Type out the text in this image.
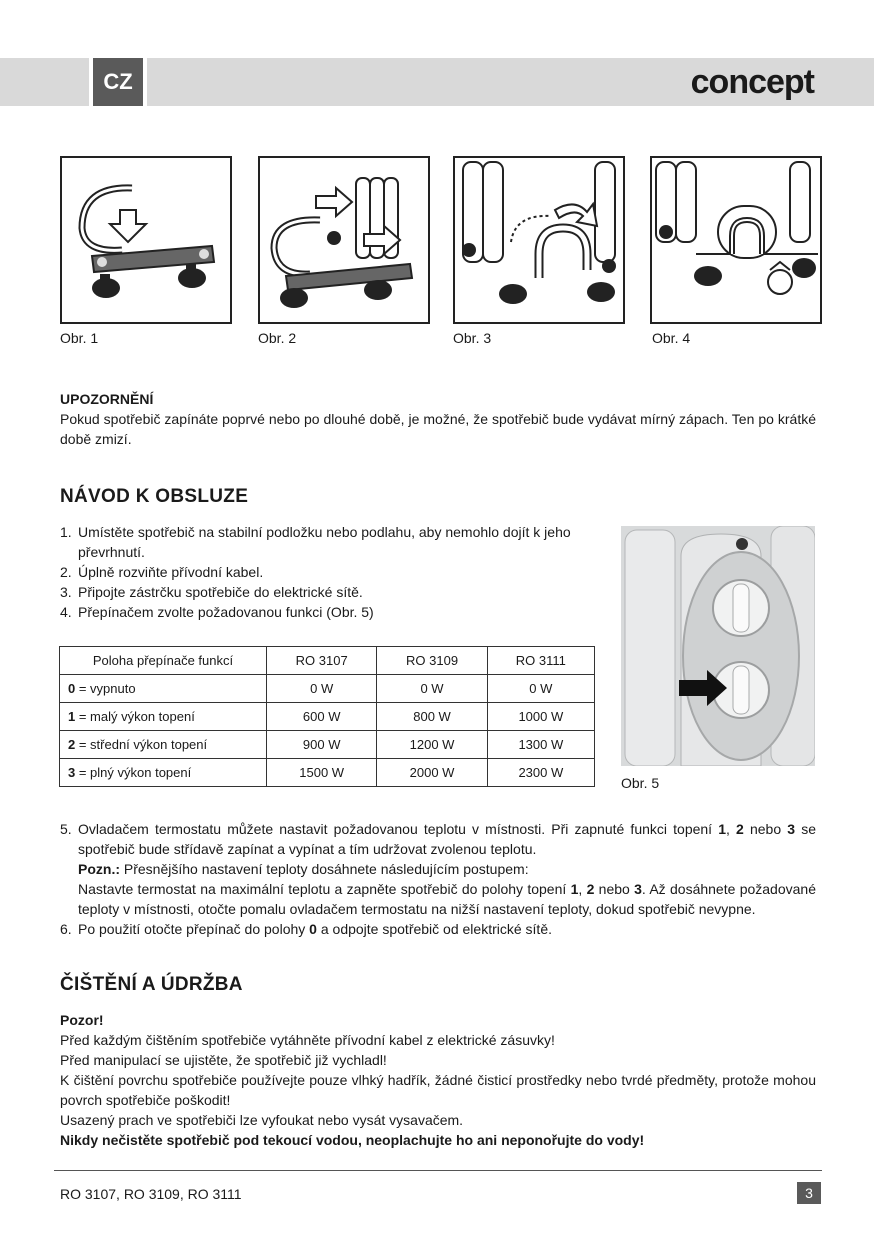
CZ	concept
Obr. 1	Obr. 2	Obr. 3	Obr. 4
UPOZORNĚNÍ
Pokud spotřebič zapínáte poprvé nebo po dlouhé době, je možné, že spotřebič bude vydávat mírný zápach. Ten po krátké době zmizí.
NÁVOD K OBSLUZE
1. Umístěte spotřebič na stabilní podložku nebo podlahu, aby nemohlo dojít k jeho převrhnutí.
2. Úplně rozviňte přívodní kabel.
3. Připojte zástrčku spotřebiče do elektrické sítě.
4. Přepínačem zvolte požadovanou funkci (Obr. 5)
Obr. 5
Poloha přepínače funkcí	RO 3107	RO 3109	RO 3111
0 = vypnuto	0 W	0 W	0 W
1 = malý výkon topení	600 W	800 W	1000 W
2 = střední výkon topení	900 W	1200 W	1300 W
3 = plný výkon topení	1500 W	2000 W	2300 W
5. Ovladačem termostatu můžete nastavit požadovanou teplotu v místnosti. Při zapnuté funkci topení 1, 2 nebo 3 se spotřebič bude střídavě zapínat a vypínat a tím udržovat zvolenou teplotu.
Pozn.: Přesnějšího nastavení teploty dosáhnete následujícím postupem:
Nastavte termostat na maximální teplotu a zapněte spotřebič do polohy topení 1, 2 nebo 3. Až dosáhnete požadované teploty v místnosti, otočte pomalu ovladačem termostatu na nižší nastavení teploty, dokud spotřebič nevypne.
6. Po použití otočte přepínač do polohy 0 a odpojte spotřebič od elektrické sítě.
ČIŠTĚNÍ A ÚDRŽBA
Pozor!
Před každým čištěním spotřebiče vytáhněte přívodní kabel z elektrické zásuvky!
Před manipulací se ujistěte, že spotřebič již vychladl!
K čištění povrchu spotřebiče používejte pouze vlhký hadřík, žádné čisticí prostředky nebo tvrdé předměty, protože mohou povrch spotřebiče poškodit!
Usazený prach ve spotřebiči lze vyfoukat nebo vysát vysavačem.
Nikdy nečistěte spotřebič pod tekoucí vodou, neoplachujte ho ani neponořujte do vody!
RO 3107, RO 3109, RO 3111	3
